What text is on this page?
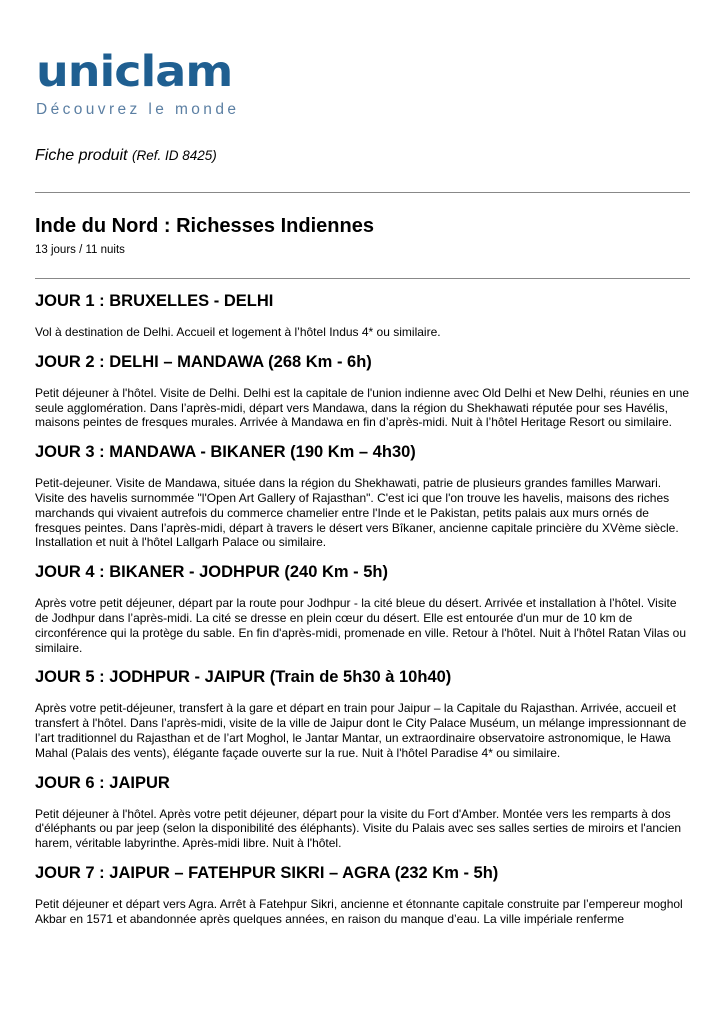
uniclam
Découvrez le monde
Fiche produit (Ref. ID 8425)
Inde du Nord : Richesses Indiennes
13 jours / 11 nuits
JOUR 1 : BRUXELLES - DELHI

Vol à destination de Delhi. Accueil et logement à l’hôtel Indus 4* ou similaire.

JOUR 2 : DELHI – MANDAWA (268 Km - 6h)

Petit déjeuner à l'hôtel. Visite de Delhi. Delhi est la capitale de l'union indienne avec Old Delhi et New Delhi, réunies en une seule agglomération. Dans l’après-midi, départ vers Mandawa, dans la région du Shekhawati réputée pour ses Havélis, maisons peintes de fresques murales. Arrivée à Mandawa en fin d’après-midi. Nuit à l’hôtel Heritage Resort ou similaire.

JOUR 3 : MANDAWA - BIKANER (190 Km – 4h30)

Petit-dejeuner. Visite de Mandawa, située dans la région du Shekhawati, patrie de plusieurs grandes familles Marwari. Visite des havelis surnommée "l'Open Art Gallery of Rajasthan". C'est ici que l'on trouve les havelis, maisons des riches marchands qui vivaient autrefois du commerce chamelier entre l'Inde et le Pakistan, petits palais aux murs ornés de fresques peintes. Dans l’après-midi, départ à travers le désert vers Bîkaner, ancienne capitale princière du XVème siècle. Installation et nuit à l'hôtel Lallgarh Palace ou similaire.

JOUR 4 : BIKANER - JODHPUR (240 Km - 5h)

Après votre petit déjeuner, départ par la route pour Jodhpur - la cité bleue du désert. Arrivée et installation à l’hôtel. Visite de Jodhpur dans l’après-midi. La cité se dresse en plein cœur du désert. Elle est entourée d'un mur de 10 km de circonférence qui la protège du sable. En fin d'après-midi, promenade en ville. Retour à l'hôtel. Nuit à l'hôtel Ratan Vilas ou similaire.

JOUR 5 : JODHPUR - JAIPUR (Train de 5h30 à 10h40)

Après votre petit-déjeuner, transfert à la gare et départ en train pour Jaipur – la Capitale du Rajasthan. Arrivée, accueil et transfert à l'hôtel. Dans l’après-midi, visite de la ville de Jaipur dont le City Palace Muséum, un mélange impressionnant de l’art traditionnel du Rajasthan et de l’art Moghol, le Jantar Mantar, un extraordinaire observatoire astronomique, le Hawa Mahal (Palais des vents), élégante façade ouverte sur la rue. Nuit à l'hôtel Paradise 4* ou similaire.

JOUR 6 : JAIPUR

Petit déjeuner à l'hôtel. Après votre petit déjeuner, départ pour la visite du Fort d'Amber. Montée vers les remparts à dos d'éléphants ou par jeep (selon la disponibilité des éléphants). Visite du Palais avec ses salles serties de miroirs et l'ancien harem, véritable labyrinthe. Après-midi libre. Nuit à l'hôtel.

JOUR 7 : JAIPUR – FATEHPUR SIKRI – AGRA (232 Km - 5h)

Petit déjeuner et départ vers Agra. Arrêt à Fatehpur Sikri, ancienne et étonnante capitale construite par l’empereur moghol Akbar en 1571 et abandonnée après quelques années, en raison du manque d’eau. La ville impériale renferme
